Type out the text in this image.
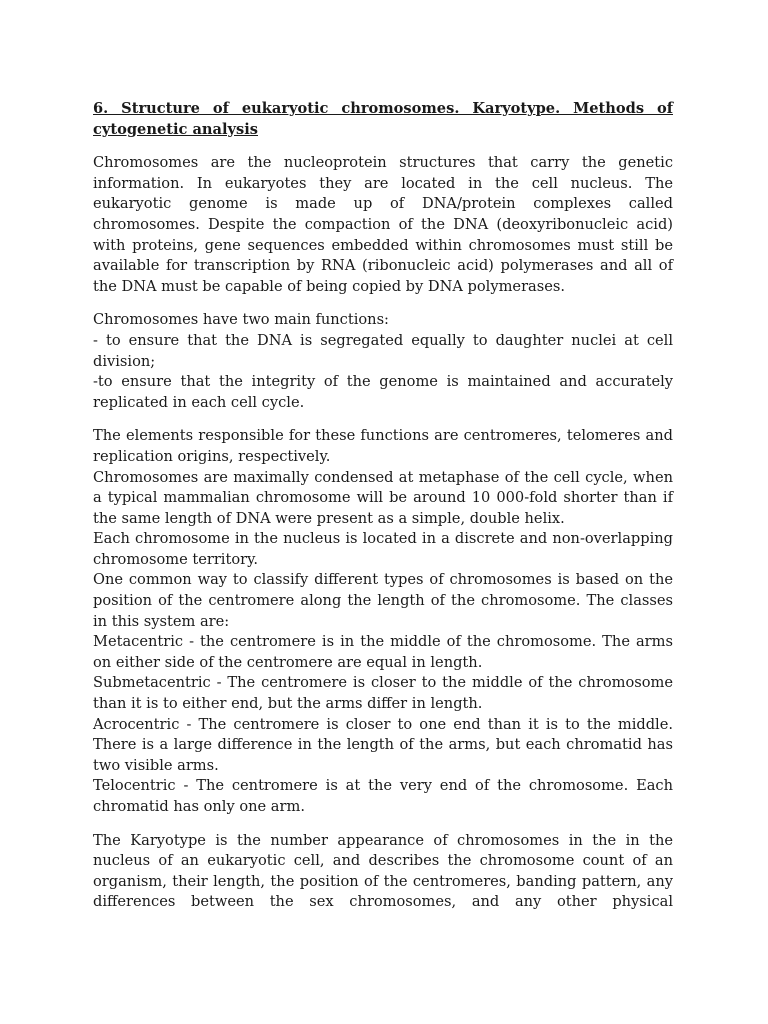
6. Structure of eukaryotic chromosomes. Karyotype. Methods of cytogenetic analysis

Chromosomes are the nucleoprotein structures that carry the genetic information. In eukaryotes they are located in the cell nucleus. The eukaryotic genome is made up of DNA/protein complexes called chromosomes. Despite the compaction of the DNA (deoxyribonucleic acid) with proteins, gene sequences embedded within chromosomes must still be available for transcription by RNA (ribonucleic acid) polymerases and all of the DNA must be capable of being copied by DNA polymerases.
Chromosomes have two main functions:
- to ensure that the DNA is segregated equally to daughter nuclei at cell division;
-to ensure that the integrity of the genome is maintained and accurately replicated in each cell cycle.
The elements responsible for these functions are centromeres, telomeres and replication origins, respectively.
Chromosomes are maximally condensed at metaphase of the cell cycle, when a typical mammalian chromosome will be around 10 000-fold shorter than if the same length of DNA were present as a simple, double helix.
Each chromosome in the nucleus is located in a discrete and non-overlapping chromosome territory.
One common way to classify different types of chromosomes is based on the position of the centromere along the length of the chromosome. The classes in this system are:
Metacentric - the centromere is in the middle of the chromosome. The arms on either side of the centromere are equal in length.
Submetacentric - The centromere is closer to the middle of the chromosome than it is to either end, but the arms differ in length.
Acrocentric - The centromere is closer to one end than it is to the middle. There is a large difference in the length of the arms, but each chromatid has two visible arms.
Telocentric - The centromere is at the very end of the chromosome. Each chromatid has only one arm.
The Karyotype is the number appearance of chromosomes in the in the nucleus of an eukaryotic cell, and describes the chromosome count of an organism, their length, the position of the centromeres, banding pattern, any differences between the sex chromosomes, and any other physical
